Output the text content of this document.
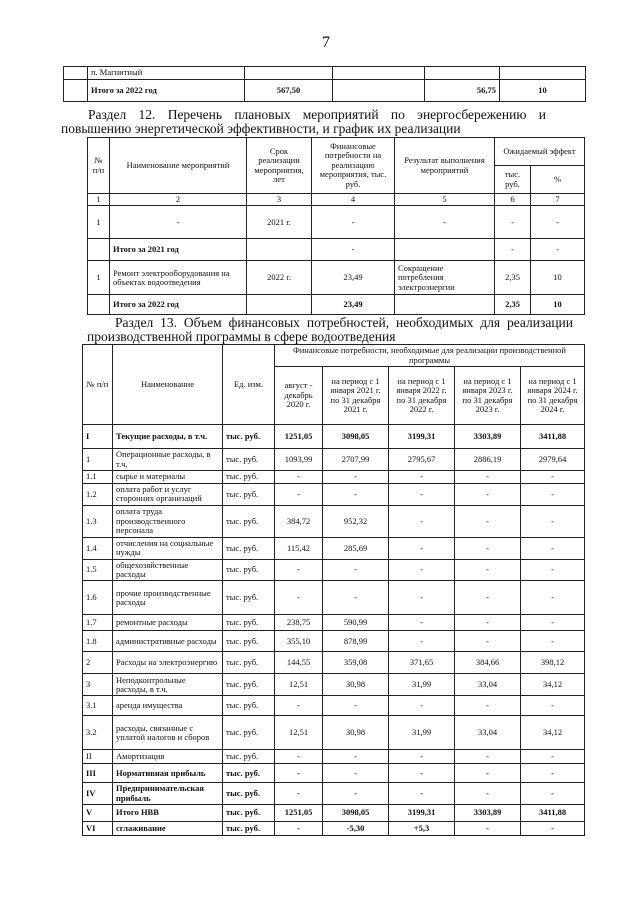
7
	п. Магнитный				
	Итого за 2022 год	567,50		56,75	10
Раздел 12. Перечень плановых мероприятий по энергосбережению и повышению энергетической эффективности, и график их реализации
№ п/п	Наименование мероприятий	Срок реализации мероприятия, лет	Финансовые потребности на реализацию мероприятия, тыс. руб.	Результат выполнения мероприятий	Ожидаемый эффект	
					тыс. руб.	%
1	2	3	4	5	6	7
1	-	2021 г.	-	-	-	-
	Итого за 2021 год		-		-	-
1	Ремонт электрооборудования на объектах водоотведения	2022 г.	23,49	Сокращение потребления электроэнергии	2,35	10
	Итого за 2022 год		23,49		2,35	10
Раздел 13. Объем финансовых потребностей, необходимых для реализации производственной программы в сфере водоотведения
№ п/п	Наименование	Ед. изм.	Финансовые потребности, необходимые для реализации производственной программы				
			август - декабрь 2020 г.	на период с 1 января 2021 г. по 31 декабря 2021 г.	на период с 1 января 2022 г. по 31 декабря 2022 г.	на период с 1 января 2023 г. по 31 декабря 2023 г.	на период с 1 января 2024 г. по 31 декабря 2024 г.
I	Текущие расходы, в т.ч.	тыс. руб.	1251,05	3098,05	3199,31	3303,89	3411,88
1	Операционные расходы, в т.ч.	тыс. руб.	1093,99	2707,99	2795,67	2886,19	2979,64
1.1	сырье и материалы	тыс. руб.	-	-	-	-	-
1.2	оплата работ и услуг сторонних организаций	тыс. руб.	-	-	-	-	-
1.3	оплата труда производственного персонала	тыс. руб.	384,72	952,32	-	-	-
1.4	отчисления на социальные нужды	тыс. руб.	115,42	285,69	-	-	-
1.5	общехозяйственные расходы	тыс. руб.	-	-	-	-	-
1.6	прочие производственные расходы	тыс. руб.	-	-	-	-	-
1.7	ремонтные расходы	тыс. руб.	238,75	590,99	-	-	-
1.8	административные расходы	тыс. руб.	355,10	878,99	-	-	-
2	Расходы на электроэнергию	тыс. руб.	144,55	359,08	371,65	384,66	398,12
3	Неподконтрольные расходы, в т.ч.	тыс. руб.	12,51	30,98	31,99	33,04	34,12
3.1	аренда имущества	тыс. руб.	-	-	-	-	-
3.2	расходы, связанные с уплатой налогов и сборов	тыс. руб.	12,51	30,98	31,99	33,04	34,12
II	Амортизация	тыс. руб.	-	-	-	-	-
III	Нормативная прибыль	тыс. руб.	-	-	-	-	-
IV	Предпринимательская прибыль	тыс. руб.	-	-	-	-	-
V	Итого НВВ	тыс. руб.	1251,05	3098,05	3199,31	3303,89	3411,88
VI	сглаживание	тыс. руб.	-	-5,30	+5,3	-	-
